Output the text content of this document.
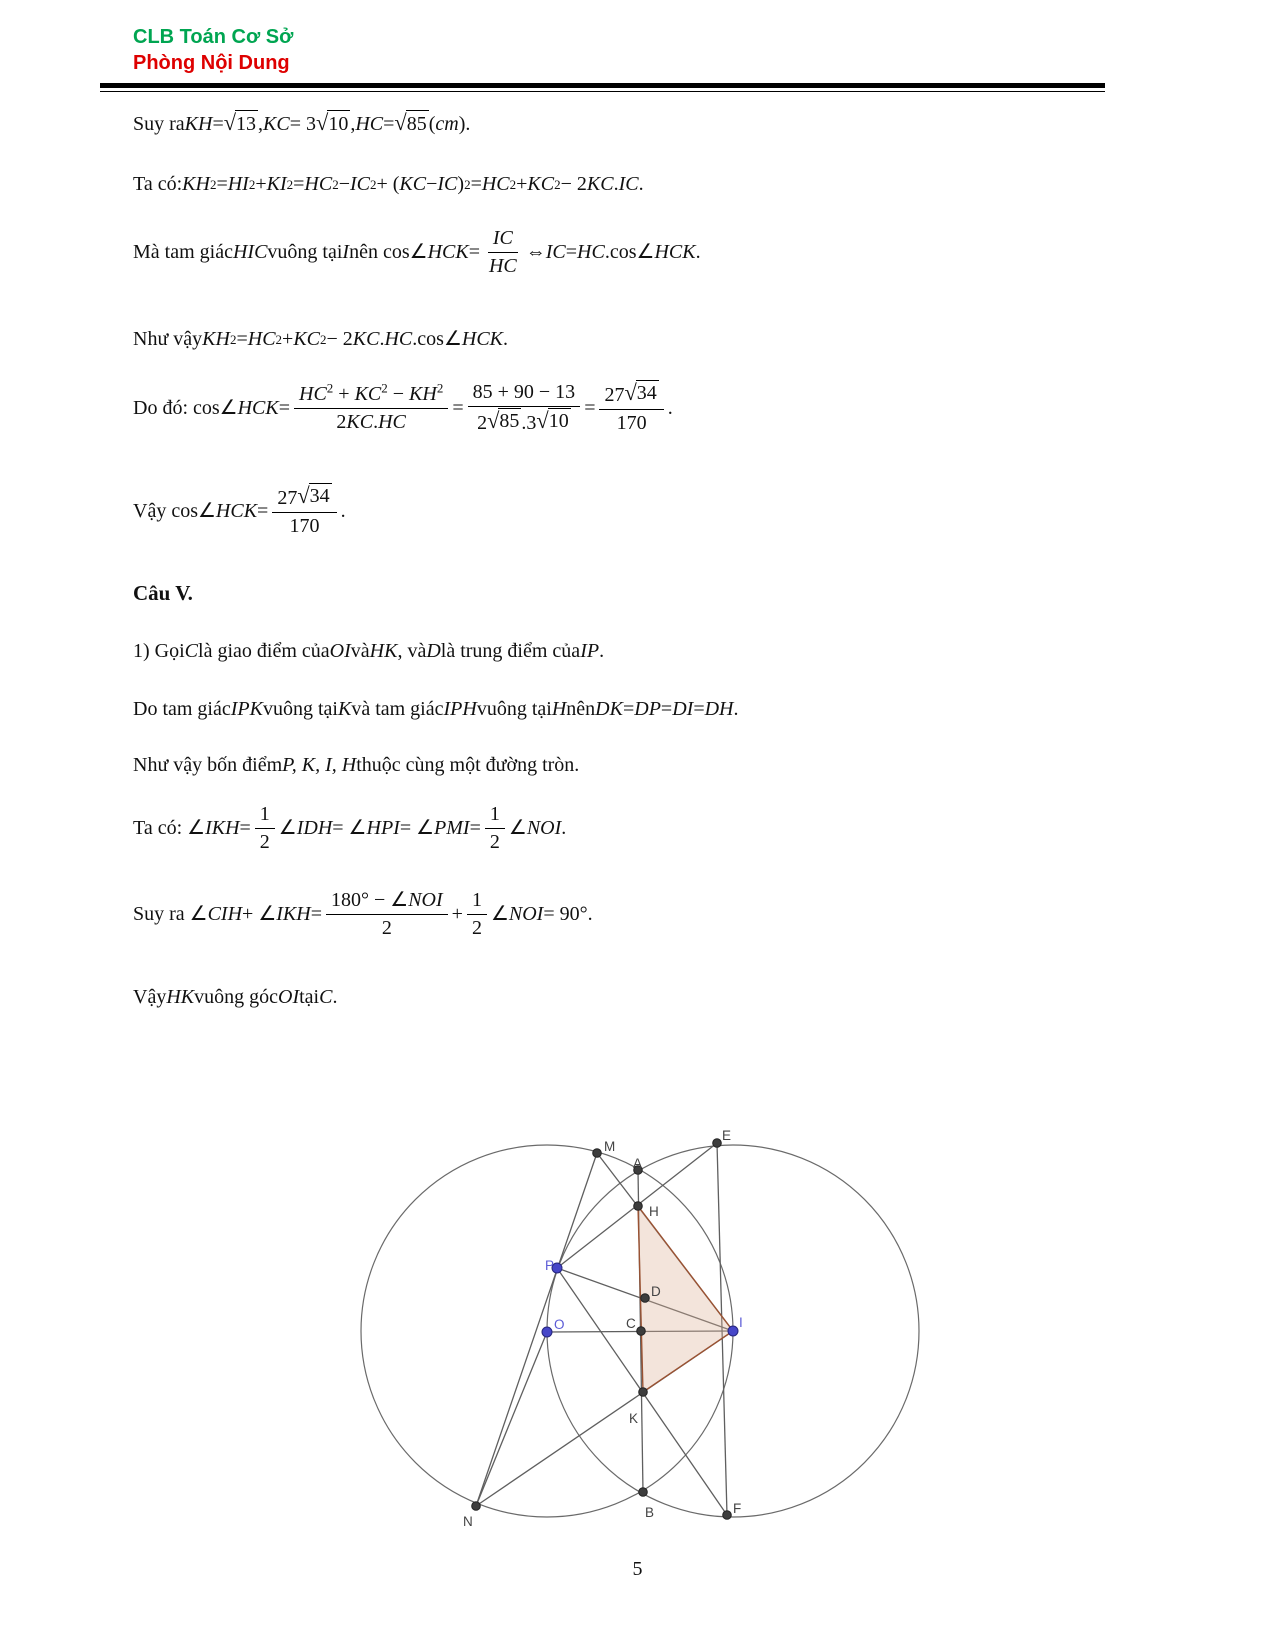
CLB Toán Cơ Sở
Phòng Nội Dung
Suy ra KH = √ 13 , KC = 3 √ 10 , HC = √ 85 ( cm ).
Ta có: KH 2 = HI 2 + KI 2 = HC 2 − IC 2 + ( KC − IC ) 2 = HC 2 + KC 2 − 2 KC . IC .
Mà tam giác HIC vuông tại I nên cos∠ HCK = $\frac{IC}{HC}$ ⇔ IC = HC .cos∠ HCK .
Như vậy KH 2 = HC 2 + KC 2 − 2 KC . HC .cos∠ HCK .
Do đó: cos∠ HCK = $\frac{HC^2 + KC^2 - KH^2}{2KC.HC} = \frac{85 + 90 - 13}{2 √ 85 .3 √ 10} = \frac{27 √ 34}{170}$ .
Vậy cos∠ HCK = $\frac{27 √ 34}{170}$ .
Câu V.
1) Gọi C là giao điểm của OI và HK , và D là trung điểm của IP .
Do tam giác IPK vuông tại K và tam giác IPH vuông tại H nên DK = DP = DI = DH .
Như vậy bốn điểm P, K, I, H thuộc cùng một đường tròn.
Ta có: ∠ IKH = $\frac{1}{2}$ ∠ IDH = ∠ HPI = ∠ PMI = $\frac{1}{2}$ ∠ NOI .
Suy ra ∠ CIH + ∠ IKH = $\frac{\text{180° − ∠NOI}}{2} + \frac{1}{2}$ ∠ NOI = 90°.
Vậy HK vuông góc OI tại C .
M
A
E
H
P
D
O	C	I
K
N
B	F
5
